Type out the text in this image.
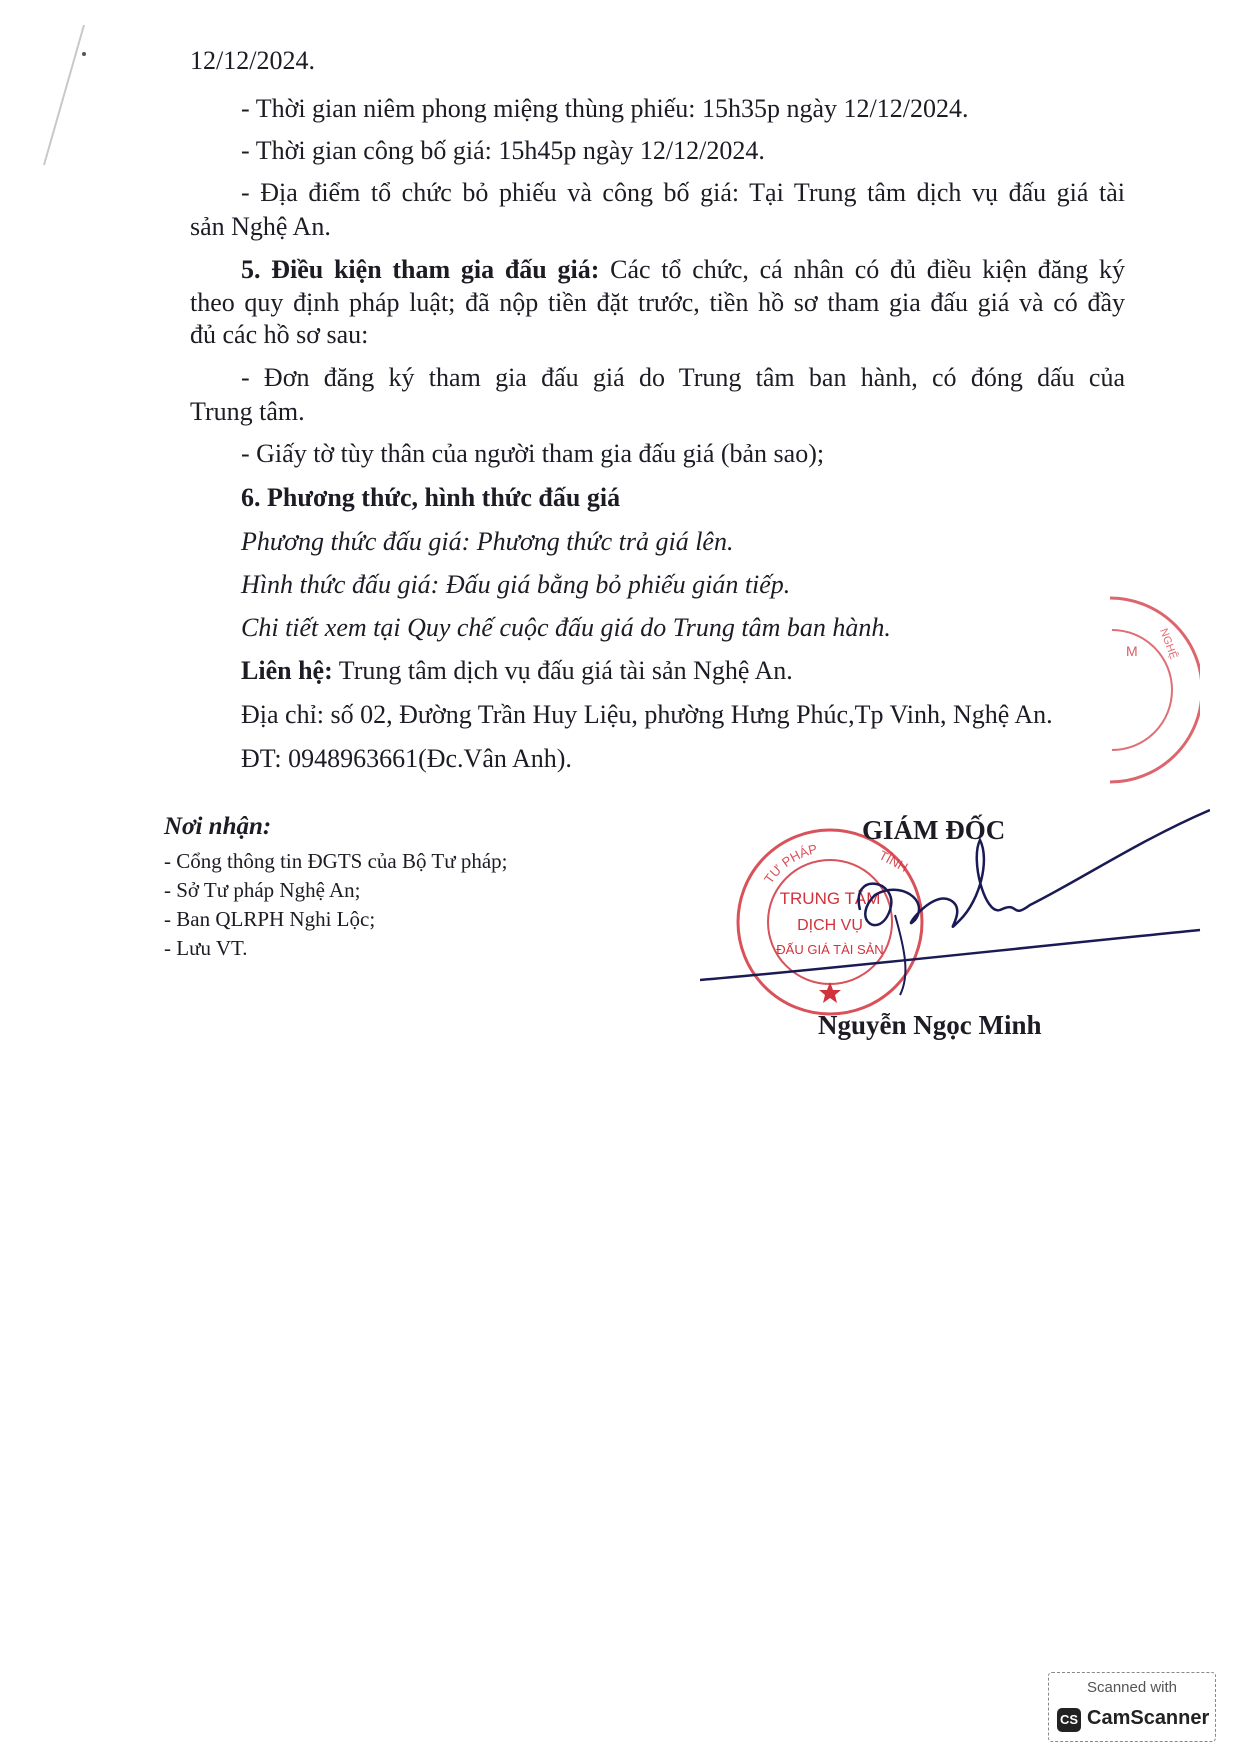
12/12/2024.
- Thời gian niêm phong miệng thùng phiếu: 15h35p ngày 12/12/2024.
- Thời gian công bố giá: 15h45p ngày 12/12/2024.
- Địa điểm tổ chức bỏ phiếu và công bố giá: Tại Trung tâm dịch vụ đấu giá tài
sản Nghệ An.
5. Điều kiện tham gia đấu giá: Các tổ chức, cá nhân có đủ điều kiện đăng ký
theo quy định pháp luật; đã nộp tiền đặt trước, tiền hồ sơ tham gia đấu giá và có đầy
đủ các hồ sơ sau:
- Đơn đăng ký tham gia đấu giá do Trung tâm ban hành, có đóng dấu của
Trung tâm.
- Giấy tờ tùy thân của người tham gia đấu giá (bản sao);
6. Phương thức, hình thức đấu giá
Phương thức đấu giá: Phương thức trả giá lên.
Hình thức đấu giá: Đấu giá bằng bỏ phiếu gián tiếp.
Chi tiết xem tại Quy chế cuộc đấu giá do Trung tâm ban hành.
Liên hệ: Trung tâm dịch vụ đấu giá tài sản Nghệ An.
Địa chỉ: số 02, Đường Trần Huy Liệu, phường Hưng Phúc,Tp Vinh, Nghệ An.
ĐT: 0948963661(Đc.Vân Anh).
Nơi nhận:
- Cổng thông tin ĐGTS của Bộ Tư pháp;
- Sở Tư pháp Nghệ An;
- Ban QLRPH Nghi Lộc;
- Lưu VT.
TƯ PHÁP	TỈNH
TRUNG TÂM
DỊCH VỤ
ĐẤU GIÁ TÀI SẢN
M NGHỆ
GIÁM ĐỐC
Nguyễn Ngọc Minh
Scanned with
CS CamScanner
